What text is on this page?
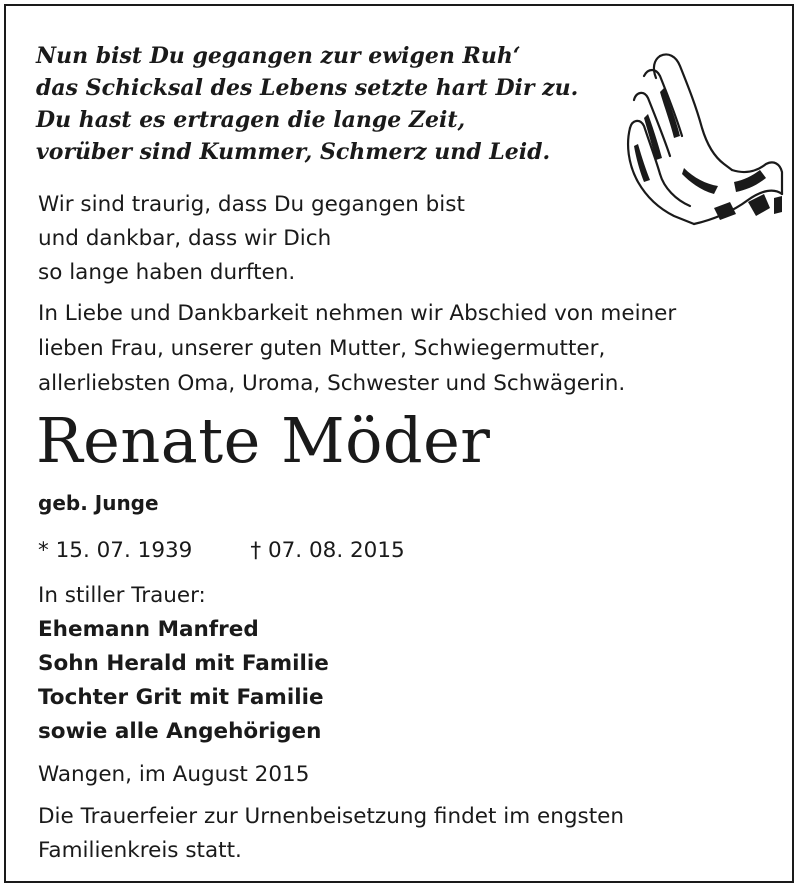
Nun bist Du gegangen zur ewigen Ruh‘
das Schicksal des Lebens setzte hart Dir zu.
Du hast es ertragen die lange Zeit,
vorüber sind Kummer, Schmerz und Leid.
Wir sind traurig, dass Du gegangen bist
und dankbar, dass wir Dich
so lange haben durften.
In Liebe und Dankbarkeit nehmen wir Abschied von meiner
lieben Frau, unserer guten Mutter, Schwiegermutter,
allerliebsten Oma, Uroma, Schwester und Schwägerin.
Renate Möder
geb. Junge
* 15. 07. 1939	† 07. 08. 2015
In stiller Trauer:
Ehemann Manfred
Sohn Herald mit Familie
Tochter Grit mit Familie
sowie alle Angehörigen
Wangen, im August 2015
Die Trauerfeier zur Urnenbeisetzung findet im engsten
Familienkreis statt.
